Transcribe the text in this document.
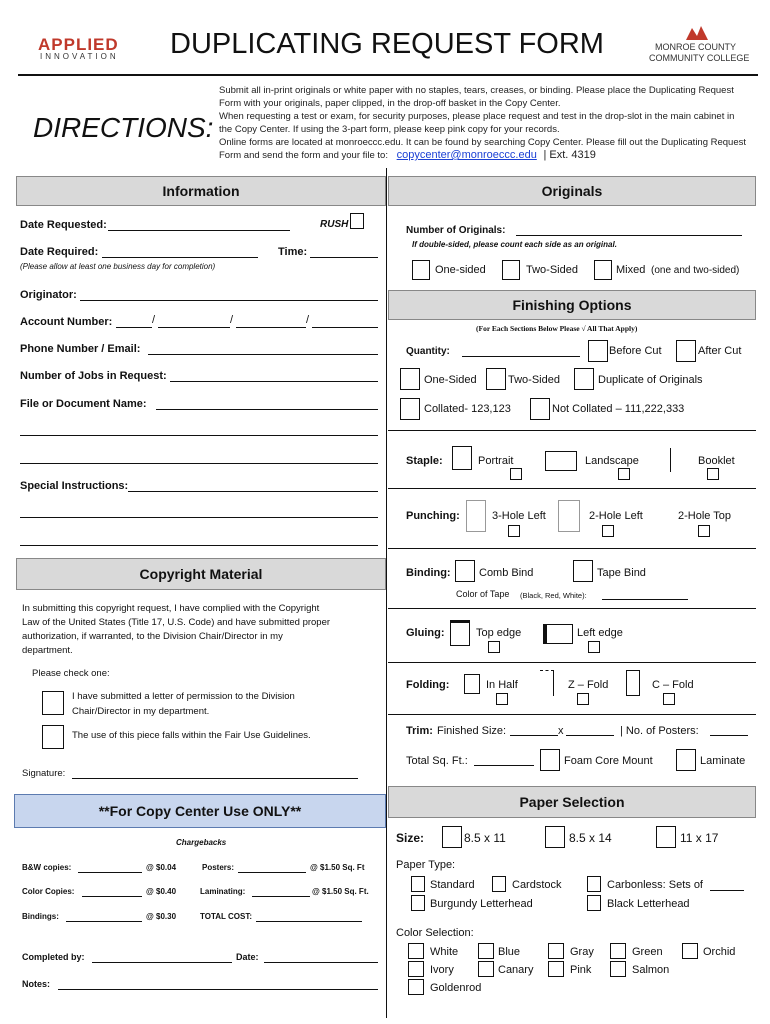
APPLIED
INNOVATION DUPLICATING REQUEST FORM	MONROE COUNTY
COMMUNITY COLLEGE
DIRECTIONS:
Submit all in-print originals or white paper with no staples, tears, creases, or binding. Please place the Duplicating Request
Form with your originals, paper clipped, in the drop-off basket in the Copy Center.
When requesting a test or exam, for security purposes, please place request and test in the drop-slot in the main cabinet in
the Copy Center. If using the 3-part form, please keep pink copy for your records.
Online forms are located at monroeccc.edu. It can be found by searching Copy Center. Please fill out the Duplicating Request
Form and send the form and your file to: copycenter@monroeccc.edu | Ext. 4319
Information
Date Requested:	RUSH
Date Required:	Time:
(Please allow at least one business day for completion)
Originator:
Account Number:	/	/	/
Phone Number / Email:
Number of Jobs in Request:
File or Document Name:
Special Instructions:
Copyright Material
In submitting this copyright request, I have complied with the Copyright
Law of the United States (Title 17, U.S. Code) and have submitted proper
authorization, if warranted, to the Division Chair/Director in my
department.
Please check one:
I have submitted a letter of permission to the Division
Chair/Director in my department.
The use of this piece falls within the Fair Use Guidelines.
Signature:
**For Copy Center Use ONLY**
Chargebacks
B&W copies:	@ $0.04	Posters:	@ $1.50 Sq. Ft
Color Copies:	@ $0.40	Laminating:	@ $1.50 Sq. Ft.
Bindings:	@ $0.30	TOTAL COST:
Completed by:	Date:
Notes:
Originals
Number of Originals:
If double-sided, please count each side as an original.
One-sided	Two-Sided	Mixed (one and two-sided)
Finishing Options
(For Each Sections Below Please √ All That Apply)
Quantity:	Before Cut	After Cut
One-Sided	Two-Sided	Duplicate of Originals
Collated- 123,123	Not Collated – 111,222,333
Staple:	Portrait	Landscape	Booklet
Punching:	3-Hole Left	2-Hole Left	2-Hole Top
Binding:	Comb Bind	Tape Bind
Color of Tape (Black, Red, White):
Gluing:	Top edge	Left edge
Folding:	In Half	Z – Fold	C – Fold
Trim: Finished Size:	x	| No. of Posters:
Total Sq. Ft.:	Foam Core Mount	Laminate
Paper Selection
Size:	8.5 x 11	8.5 x 14	11 x 17
Paper Type:
Standard	Cardstock	Carbonless: Sets of
Burgundy Letterhead	Black Letterhead
Color Selection:
White	Blue	Gray	Green	Orchid
Ivory	Canary	Pink	Salmon
Goldenrod
